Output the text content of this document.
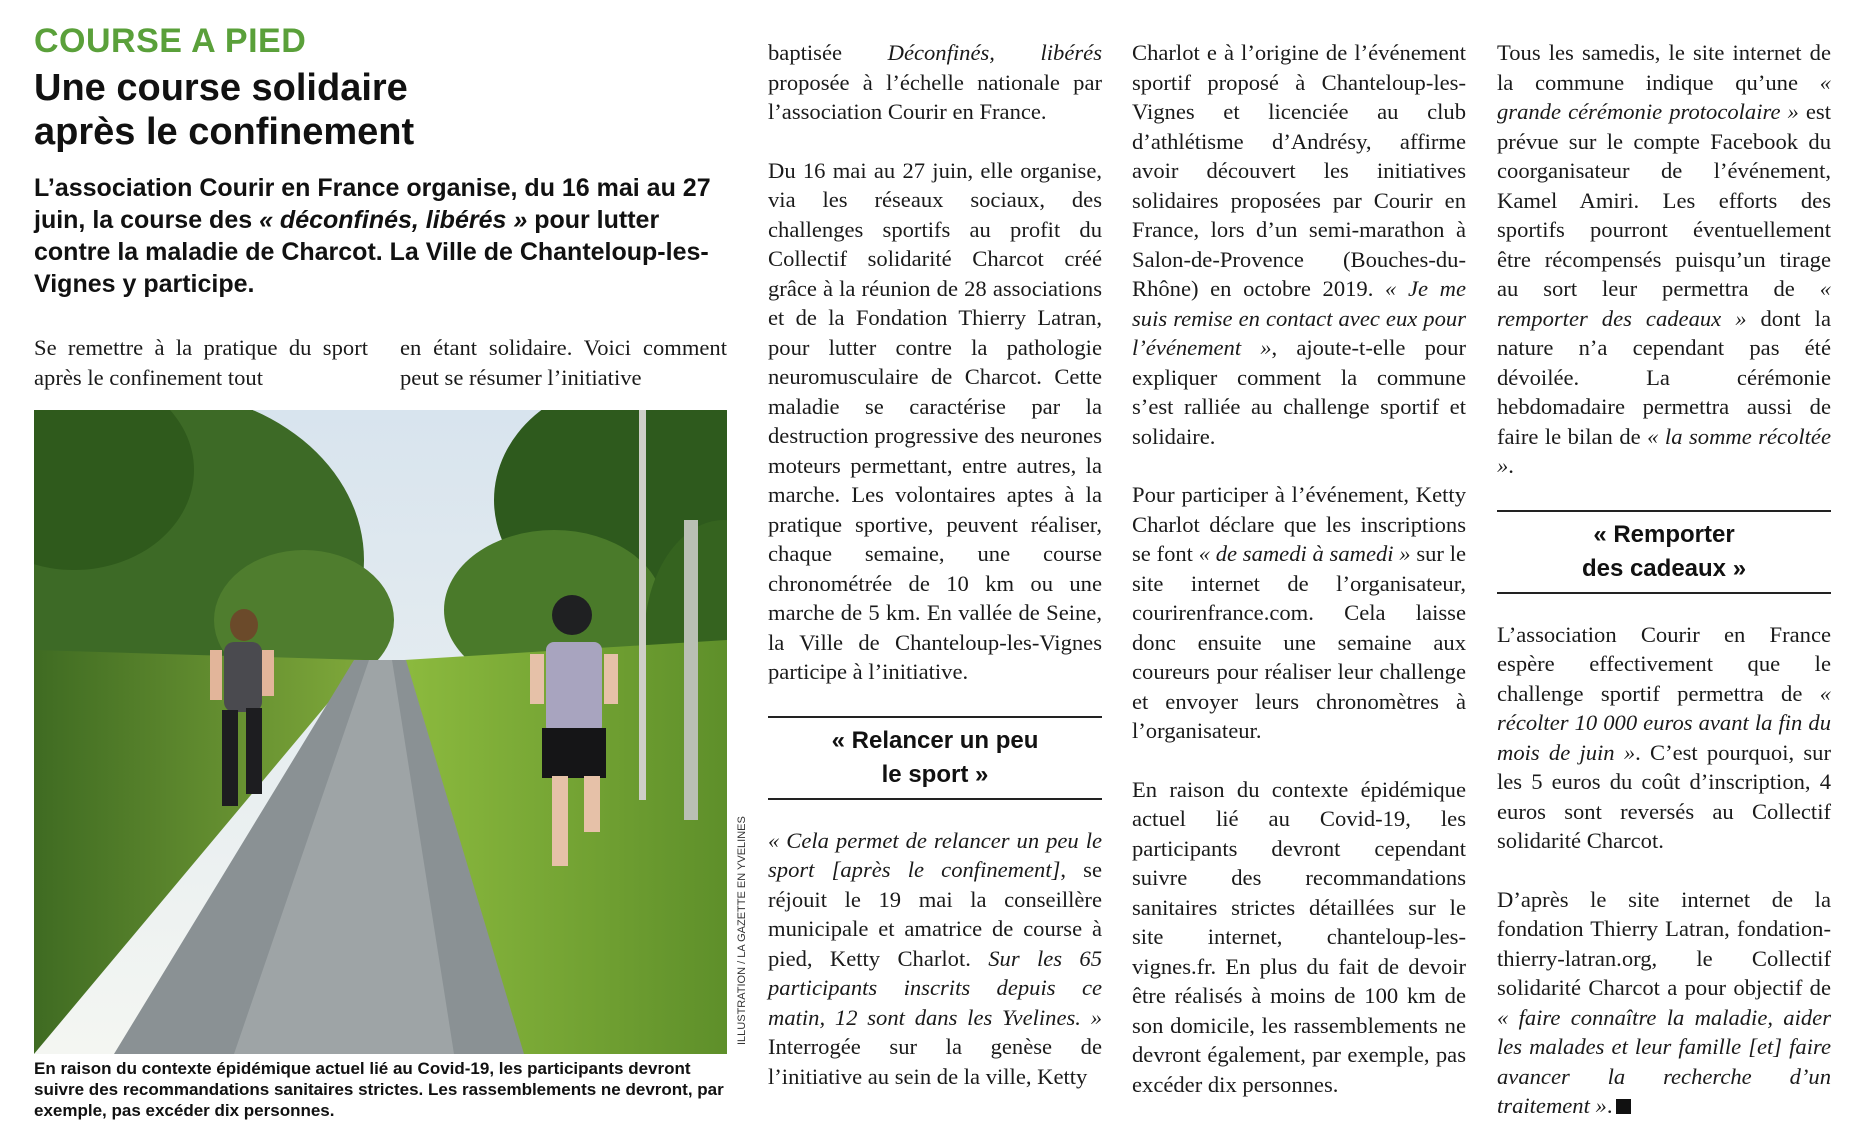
COURSE A PIED
Une course solidaire
après le confinement
L’association Courir en France organise, du 16 mai au 27 juin, la course des « déconfinés, libérés » pour lutter contre la maladie de Charcot. La Ville de Chanteloup-les-Vignes y participe.

Se remettre à la pratique du sport après le confinement tout

en étant solidaire. Voici comment peut se résumer l’initiative

ILLUSTRATION / LA GAZETTE EN YVELINES
En raison du contexte épidémique actuel lié au Covid-19, les participants devront suivre des recommandations sanitaires strictes. Les rassemblements ne devront, par exemple, pas excéder dix personnes.

baptisée Déconfinés, libérés proposée à l’échelle nationale par l’association Courir en France.

Du 16 mai au 27 juin, elle organise, via les réseaux sociaux, des challenges sportifs au profit du Collectif solidarité Charcot créé grâce à la réunion de 28 associations et de la Fondation Thierry Latran, pour lutter contre la pathologie neuromusculaire de Charcot. Cette maladie se caractérise par la destruction progressive des neurones moteurs permettant, entre autres, la marche. Les volontaires aptes à la pratique sportive, peuvent réaliser, chaque semaine, une course chronométrée de 10 km ou une marche de 5 km. En vallée de Seine, la Ville de Chanteloup-les-Vignes participe à l’initiative.

« Relancer un peu
le sport »

« Cela permet de relancer un peu le sport [après le confinement], se réjouit le 19 mai la conseillère municipale et amatrice de course à pied, Ketty Charlot. Sur les 65 participants inscrits depuis ce matin, 12 sont dans les Yvelines. » Interrogée sur la genèse de l’initiative au sein de la ville, Ketty

Charlot e à l’origine de l’événement sportif proposé à Chanteloup-les-Vignes et licenciée au club d’athlétisme d’Andrésy, affirme avoir découvert les initiatives solidaires proposées par Courir en France, lors d’un semi-marathon à Salon-de-Provence (Bouches-du-Rhône) en octobre 2019. « Je me suis remise en contact avec eux pour l’événement », ajoute-t-elle pour expliquer comment la commune s’est ralliée au challenge sportif et solidaire.

Pour participer à l’événement, Ketty Charlot déclare que les inscriptions se font « de samedi à samedi » sur le site internet de l’organisateur, courirenfrance.com. Cela laisse donc ensuite une semaine aux coureurs pour réaliser leur challenge et envoyer leurs chronomètres à l’organisateur.

En raison du contexte épidémique actuel lié au Covid-19, les participants devront cependant suivre des recommandations sanitaires strictes détaillées sur le site internet, chanteloup-les-vignes.fr. En plus du fait de devoir être réalisés à moins de 100 km de son domicile, les rassemblements ne devront également, par exemple, pas excéder dix personnes.

Tous les samedis, le site internet de la commune indique qu’une « grande cérémonie protocolaire » est prévue sur le compte Facebook du coorganisateur de l’événement, Kamel Amiri. Les efforts des sportifs pourront éventuellement être récompensés puisqu’un tirage au sort leur permettra de « remporter des cadeaux » dont la nature n’a cependant pas été dévoilée. La cérémonie hebdomadaire permettra aussi de faire le bilan de « la somme récoltée ».

« Remporter
des cadeaux »

L’association Courir en France espère effectivement que le challenge sportif permettra de « récolter 10 000 euros avant la fin du mois de juin ». C’est pourquoi, sur les 5 euros du coût d’inscription, 4 euros sont reversés au Collectif solidarité Charcot.

D’après le site internet de la fondation Thierry Latran, fondation-thierry-latran.org, le Collectif solidarité Charcot a pour objectif de « faire connaître la maladie, aider les malades et leur famille [et] faire avancer la recherche d’un traitement ».
